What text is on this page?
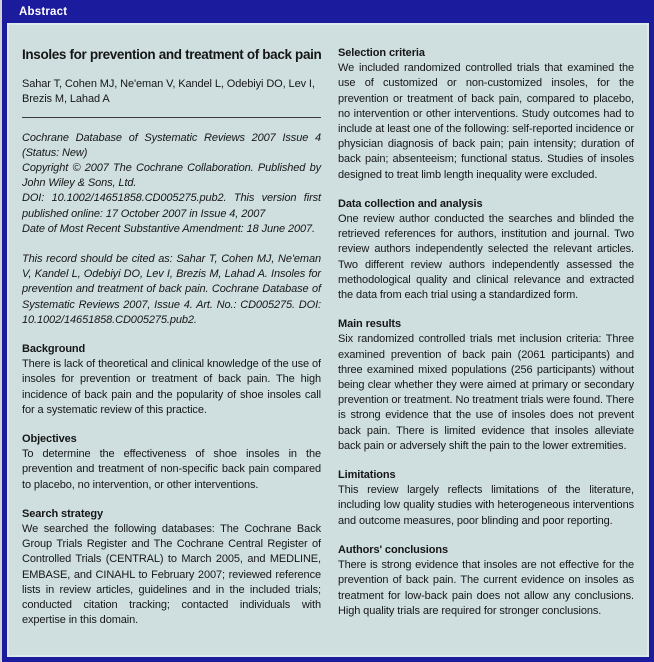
Abstract
Insoles for prevention and treatment of back pain

Sahar T, Cohen MJ, Ne'eman V, Kandel L, Odebiyi DO, Lev I, Brezis M, Lahad A

Cochrane Database of Systematic Reviews 2007 Issue 4 (Status: New)
Copyright © 2007 The Cochrane Collaboration. Published by John Wiley & Sons, Ltd.
DOI: 10.1002/14651858.CD005275.pub2. This version first published online: 17 October 2007 in Issue 4, 2007
Date of Most Recent Substantive Amendment: 18 June 2007.

This record should be cited as: Sahar T, Cohen MJ, Ne'eman V, Kandel L, Odebiyi DO, Lev I, Brezis M, Lahad A. Insoles for prevention and treatment of back pain. Cochrane Database of Systematic Reviews 2007, Issue 4. Art. No.: CD005275. DOI: 10.1002/14651858.CD005275.pub2.

Background

There is lack of theoretical and clinical knowledge of the use of insoles for prevention or treatment of back pain. The high incidence of back pain and the popularity of shoe insoles call for a systematic review of this practice.

Objectives

To determine the effectiveness of shoe insoles in the prevention and treatment of non-specific back pain compared to placebo, no intervention, or other interventions.

Search strategy

We searched the following databases: The Cochrane Back Group Trials Register and The Cochrane Central Register of Controlled Trials (CENTRAL) to March 2005, and MEDLINE, EMBASE, and CINAHL to February 2007; reviewed reference lists in review articles, guidelines and in the included trials; conducted citation tracking; contacted individuals with expertise in this domain.

Selection criteria

We included randomized controlled trials that examined the use of customized or non-customized insoles, for the prevention or treatment of back pain, compared to placebo, no intervention or other interventions. Study outcomes had to include at least one of the following: self-reported incidence or physician diagnosis of back pain; pain intensity; duration of back pain; absenteeism; functional status. Studies of insoles designed to treat limb length inequality were excluded.

Data collection and analysis

One review author conducted the searches and blinded the retrieved references for authors, institution and journal. Two review authors independently selected the relevant articles. Two different review authors independently assessed the methodological quality and clinical relevance and extracted the data from each trial using a standardized form.

Main results

Six randomized controlled trials met inclusion criteria: Three examined prevention of back pain (2061 participants) and three examined mixed populations (256 participants) without being clear whether they were aimed at primary or secondary prevention or treatment. No treatment trials were found. There is strong evidence that the use of insoles does not prevent back pain. There is limited evidence that insoles alleviate back pain or adversely shift the pain to the lower extremities.

Limitations

This review largely reflects limitations of the literature, including low quality studies with heterogeneous interventions and outcome measures, poor blinding and poor reporting.

Authors' conclusions

There is strong evidence that insoles are not effective for the prevention of back pain. The current evidence on insoles as treatment for low-back pain does not allow any conclusions. High quality trials are required for stronger conclusions.
